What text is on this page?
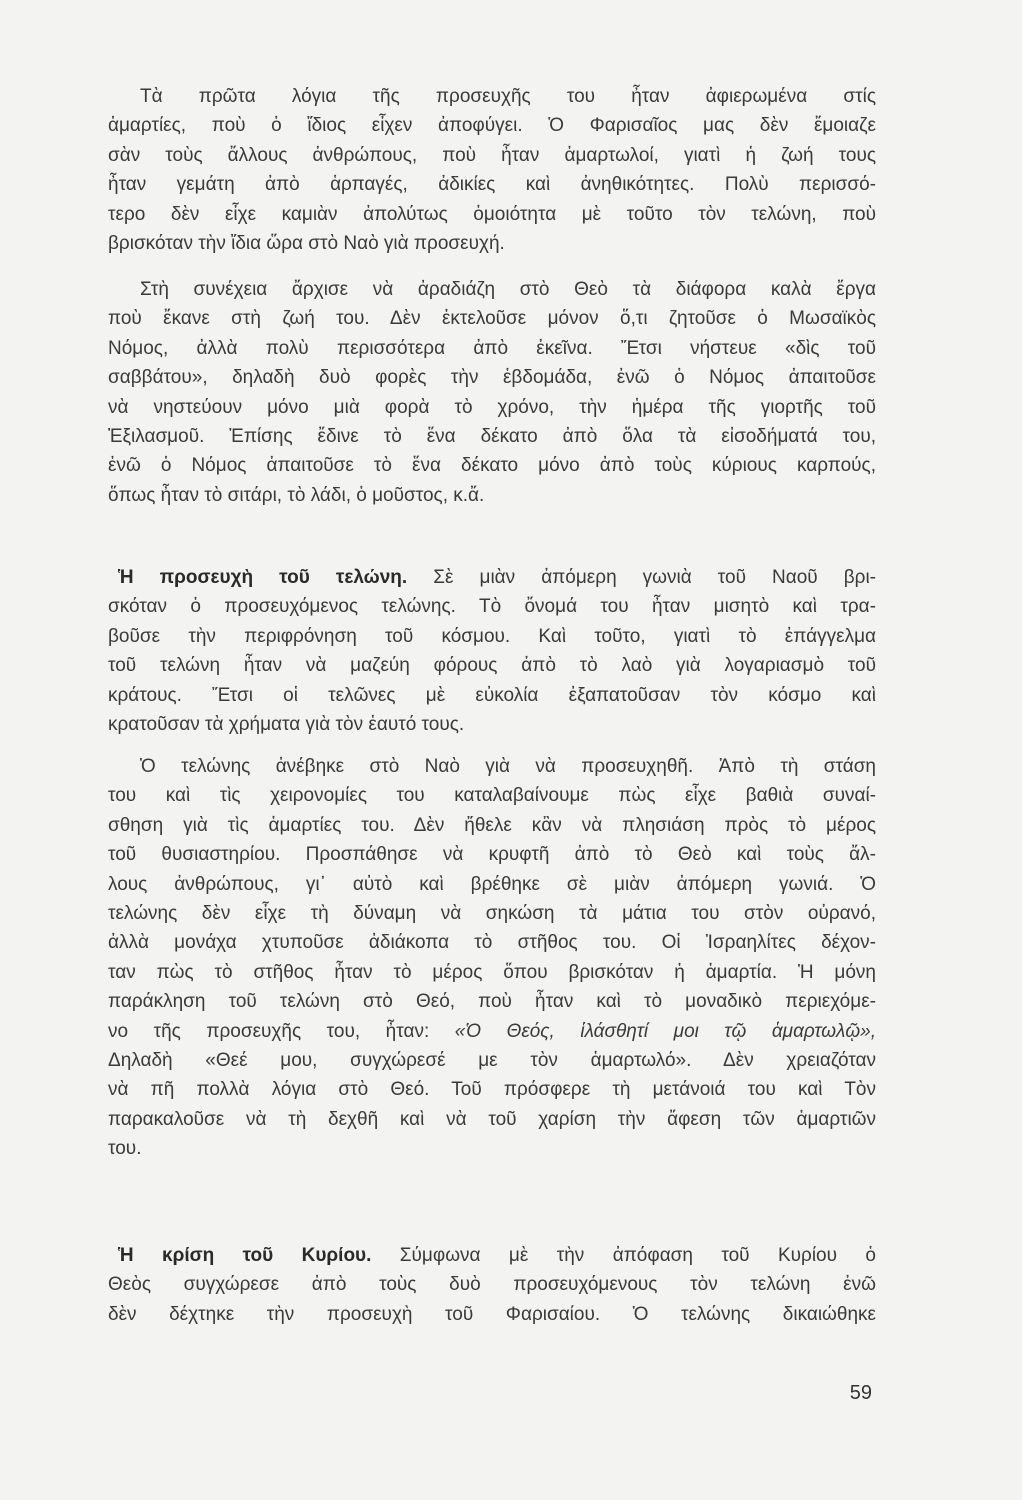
Τὰ πρῶτα λόγια τῆς προσευχῆς του ἦταν ἀφιερωμένα στίς
ἁμαρτίες, ποὺ ὁ ἴδιος εἶχεν ἀποφύγει. Ὁ Φαρισαῖος μας δὲν ἔμοιαζε
σὰν τοὺς ἄλλους ἀνθρώπους, ποὺ ἦταν ἁμαρτωλοί, γιατὶ ἡ ζωή τους
ἦταν γεμάτη ἀπὸ ἁρπαγές, ἀδικίες καὶ ἀνηθικότητες. Πολὺ περισσό-
τερο δὲν εἶχε καμιὰν ἀπολύτως ὁμοιότητα μὲ τοῦτο τὸν τελώνη, ποὺ
βρισκόταν τὴν ἴδια ὥρα στὸ Ναὸ γιὰ προσευχή.
Στὴ συνέχεια ἄρχισε νὰ ἀραδιάζη στὸ Θεὸ τὰ διάφορα καλὰ ἔργα
ποὺ ἔκανε στὴ ζωή του. Δὲν ἐκτελοῦσε μόνον ὅ,τι ζητοῦσε ὁ Μωσαϊκὸς
Νόμος, ἀλλὰ πολὺ περισσότερα ἀπὸ ἐκεῖνα. Ἔτσι νήστευε «δὶς τοῦ
σαββάτου», δηλαδὴ δυὸ φορὲς τὴν ἑβδομάδα, ἐνῶ ὁ Νόμος ἀπαιτοῦσε
νὰ νηστεύουν μόνο μιὰ φορὰ τὸ χρόνο, τὴν ἡμέρα τῆς γιορτῆς τοῦ
Ἐξιλασμοῦ. Ἐπίσης ἔδινε τὸ ἕνα δέκατο ἀπὸ ὅλα τὰ εἰσοδήματά του,
ἐνῶ ὁ Νόμος ἀπαιτοῦσε τὸ ἕνα δέκατο μόνο ἀπὸ τοὺς κύριους καρπούς,
ὅπως ἦταν τὸ σιτάρι, τὸ λάδι, ὁ μοῦστος, κ.ἄ.
Ἡ προσευχὴ τοῦ τελώνη. Σὲ μιὰν ἀπόμερη γωνιὰ τοῦ Ναοῦ βρι-
σκόταν ὁ προσευχόμενος τελώνης. Τὸ ὄνομά του ἦταν μισητὸ καὶ τρα-
βοῦσε τὴν περιφρόνηση τοῦ κόσμου. Καὶ τοῦτο, γιατὶ τὸ ἐπάγγελμα
τοῦ τελώνη ἦταν νὰ μαζεύη φόρους ἀπὸ τὸ λαὸ γιὰ λογαριασμὸ τοῦ
κράτους. Ἔτσι οἱ τελῶνες μὲ εὐκολία ἐξαπατοῦσαν τὸν κόσμο καὶ
κρατοῦσαν τὰ χρήματα γιὰ τὸν ἑαυτό τους.
Ὁ τελώνης ἀνέβηκε στὸ Ναὸ γιὰ νὰ προσευχηθῆ. Ἀπὸ τὴ στάση
του καὶ τὶς χειρονομίες του καταλαβαίνουμε πὼς εἶχε βαθιὰ συναί-
σθηση γιὰ τὶς ἁμαρτίες του. Δὲν ἤθελε κἂν νὰ πλησιάση πρὸς τὸ μέρος
τοῦ θυσιαστηρίου. Προσπάθησε νὰ κρυφτῆ ἀπὸ τὸ Θεὸ καὶ τοὺς ἄλ-
λους ἀνθρώπους, γι᾽ αὐτὸ καὶ βρέθηκε σὲ μιὰν ἀπόμερη γωνιά. Ὁ
τελώνης δὲν εἶχε τὴ δύναμη νὰ σηκώση τὰ μάτια του στὸν οὐρανό,
ἀλλὰ μονάχα χτυποῦσε ἀδιάκοπα τὸ στῆθος του. Οἱ Ἰσραηλίτες δέχον-
ταν πὼς τὸ στῆθος ἦταν τὸ μέρος ὅπου βρισκόταν ἡ ἁμαρτία. Ἡ μόνη
παράκληση τοῦ τελώνη στὸ Θεό, ποὺ ἦταν καὶ τὸ μοναδικὸ περιεχόμε-
νο τῆς προσευχῆς του, ἦταν: «Ὁ Θεός, ἱλάσθητί μοι τῷ ἁμαρτωλῷ»,
Δηλαδὴ «Θεέ μου, συγχώρεσέ με τὸν ἁμαρτωλό». Δὲν χρειαζόταν
νὰ πῆ πολλὰ λόγια στὸ Θεό. Τοῦ πρόσφερε τὴ μετάνοιά του καὶ Τὸν
παρακαλοῦσε νὰ τὴ δεχθῆ καὶ νὰ τοῦ χαρίση τὴν ἄφεση τῶν ἁμαρτιῶν
του.
Ἡ κρίση τοῦ Κυρίου. Σύμφωνα μὲ τὴν ἀπόφαση τοῦ Κυρίου ὁ
Θεὸς συγχώρεσε ἀπὸ τοὺς δυὸ προσευχόμενους τὸν τελώνη ἐνῶ
δὲν δέχτηκε τὴν προσευχὴ τοῦ Φαρισαίου. Ὁ τελώνης δικαιώθηκε
59
